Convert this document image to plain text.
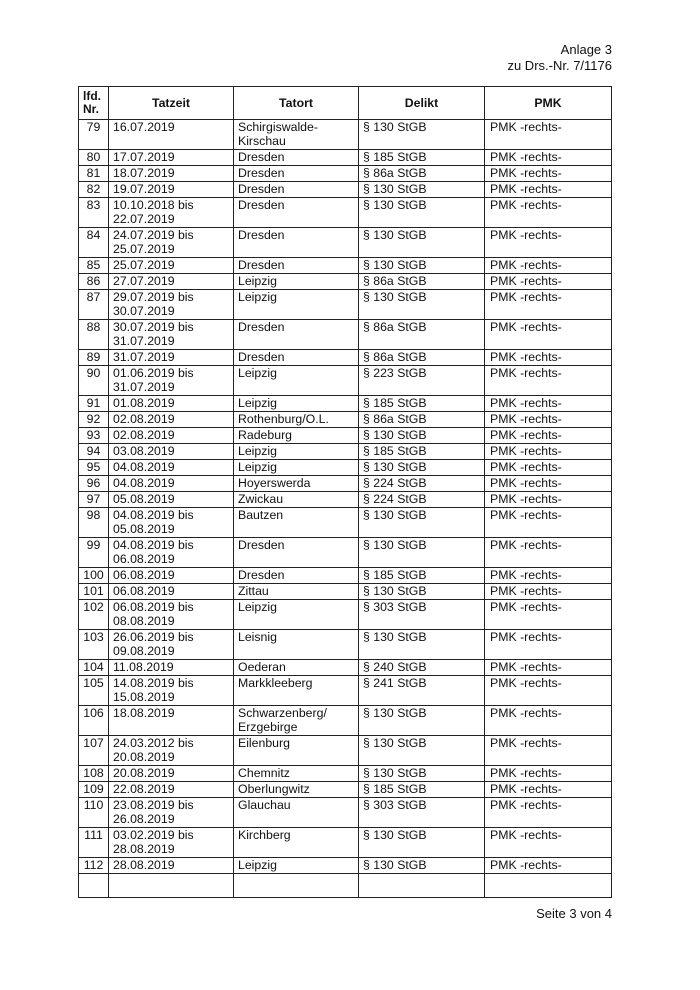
Anlage 3
zu Drs.-Nr. 7/1176
lfd. Nr.	Tatzeit	Tatort	Delikt	PMK
79	16.07.2019	Schirgiswalde-Kirschau	§ 130 StGB	PMK -rechts-
80	17.07.2019	Dresden	§ 185 StGB	PMK -rechts-
81	18.07.2019	Dresden	§ 86a StGB	PMK -rechts-
82	19.07.2019	Dresden	§ 130 StGB	PMK -rechts-
83	10.10.2018 bis 22.07.2019	Dresden	§ 130 StGB	PMK -rechts-
84	24.07.2019 bis 25.07.2019	Dresden	§ 130 StGB	PMK -rechts-
85	25.07.2019	Dresden	§ 130 StGB	PMK -rechts-
86	27.07.2019	Leipzig	§ 86a StGB	PMK -rechts-
87	29.07.2019 bis 30.07.2019	Leipzig	§ 130 StGB	PMK -rechts-
88	30.07.2019 bis 31.07.2019	Dresden	§ 86a StGB	PMK -rechts-
89	31.07.2019	Dresden	§ 86a StGB	PMK -rechts-
90	01.06.2019 bis 31.07.2019	Leipzig	§ 223 StGB	PMK -rechts-
91	01.08.2019	Leipzig	§ 185 StGB	PMK -rechts-
92	02.08.2019	Rothenburg/O.L.	§ 86a StGB	PMK -rechts-
93	02.08.2019	Radeburg	§ 130 StGB	PMK -rechts-
94	03.08.2019	Leipzig	§ 185 StGB	PMK -rechts-
95	04.08.2019	Leipzig	§ 130 StGB	PMK -rechts-
96	04.08.2019	Hoyerswerda	§ 224 StGB	PMK -rechts-
97	05.08.2019	Zwickau	§ 224 StGB	PMK -rechts-
98	04.08.2019 bis 05.08.2019	Bautzen	§ 130 StGB	PMK -rechts-
99	04.08.2019 bis 06.08.2019	Dresden	§ 130 StGB	PMK -rechts-
100	06.08.2019	Dresden	§ 185 StGB	PMK -rechts-
101	06.08.2019	Zittau	§ 130 StGB	PMK -rechts-
102	06.08.2019 bis 08.08.2019	Leipzig	§ 303 StGB	PMK -rechts-
103	26.06.2019 bis 09.08.2019	Leisnig	§ 130 StGB	PMK -rechts-
104	11.08.2019	Oederan	§ 240 StGB	PMK -rechts-
105	14.08.2019 bis 15.08.2019	Markkleeberg	§ 241 StGB	PMK -rechts-
106	18.08.2019	Schwarzenberg/ Erzgebirge	§ 130 StGB	PMK -rechts-
107	24.03.2012 bis 20.08.2019	Eilenburg	§ 130 StGB	PMK -rechts-
108	20.08.2019	Chemnitz	§ 130 StGB	PMK -rechts-
109	22.08.2019	Oberlungwitz	§ 185 StGB	PMK -rechts-
110	23.08.2019 bis 26.08.2019	Glauchau	§ 303 StGB	PMK -rechts-
111	03.02.2019 bis 28.08.2019	Kirchberg	§ 130 StGB	PMK -rechts-
112	28.08.2019	Leipzig	§ 130 StGB	PMK -rechts-

Seite 3 von 4
